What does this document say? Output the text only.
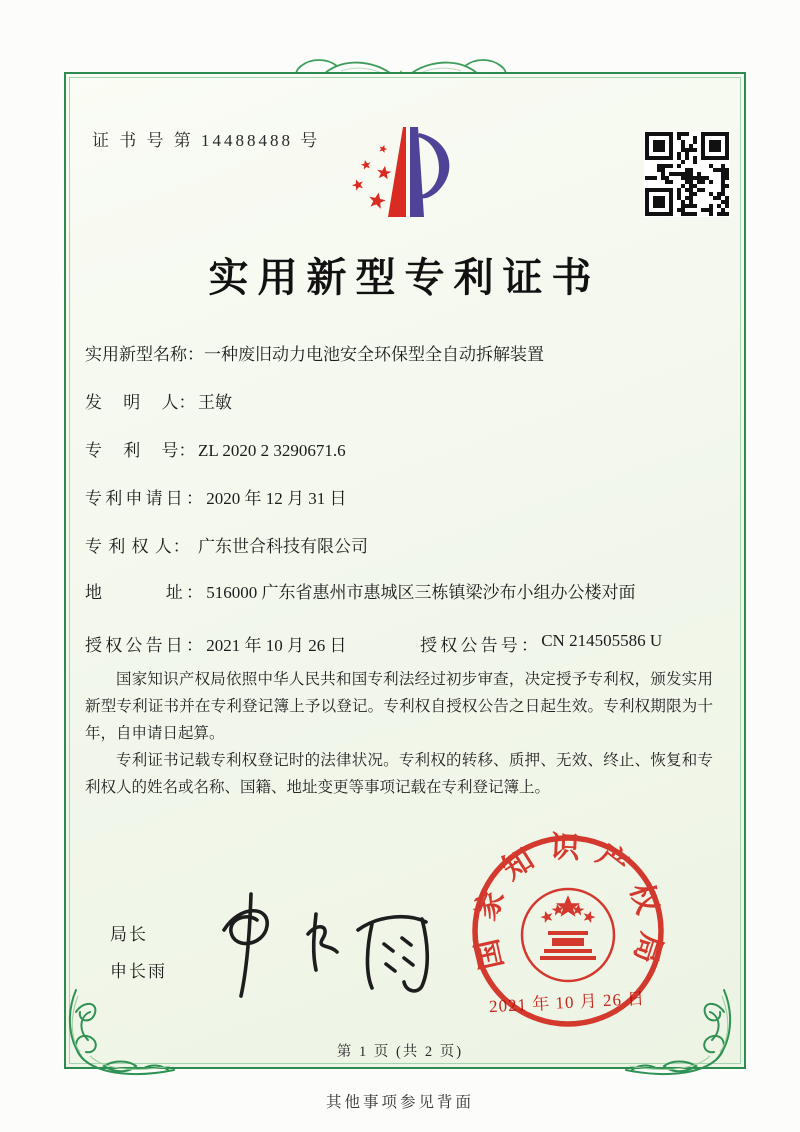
证 书 号 第 14488488 号
实用新型专利证书
实用新型名称： 一种废旧动力电池安全环保型全自动拆解装置
发　 明　 人： 王敏
专　 利　 号： ZL 2020 2 3290671.6
专利申请日： 2020 年 12 月 31 日
专 利 权 人： 广东世合科技有限公司
地　　　址： 516000 广东省惠州市惠城区三栋镇梁沙布小组办公楼对面
授权公告日： 2021 年 10 月 26 日	授权公告号： CN 214505586 U

国家知识产权局依照中华人民共和国专利法经过初步审查，决定授予专利权，颁发实用新型专利证书并在专利登记簿上予以登记。专利权自授权公告之日起生效。专利权期限为十年，自申请日起算。

专利证书记载专利权登记时的法律状况。专利权的转移、质押、无效、终止、恢复和专利权人的姓名或名称、国籍、地址变更等事项记载在专利登记簿上。

局长
申长雨	国家知识产权局
2021 年 10 月 26 日
第 1 页 (共 2 页)
其他事项参见背面
